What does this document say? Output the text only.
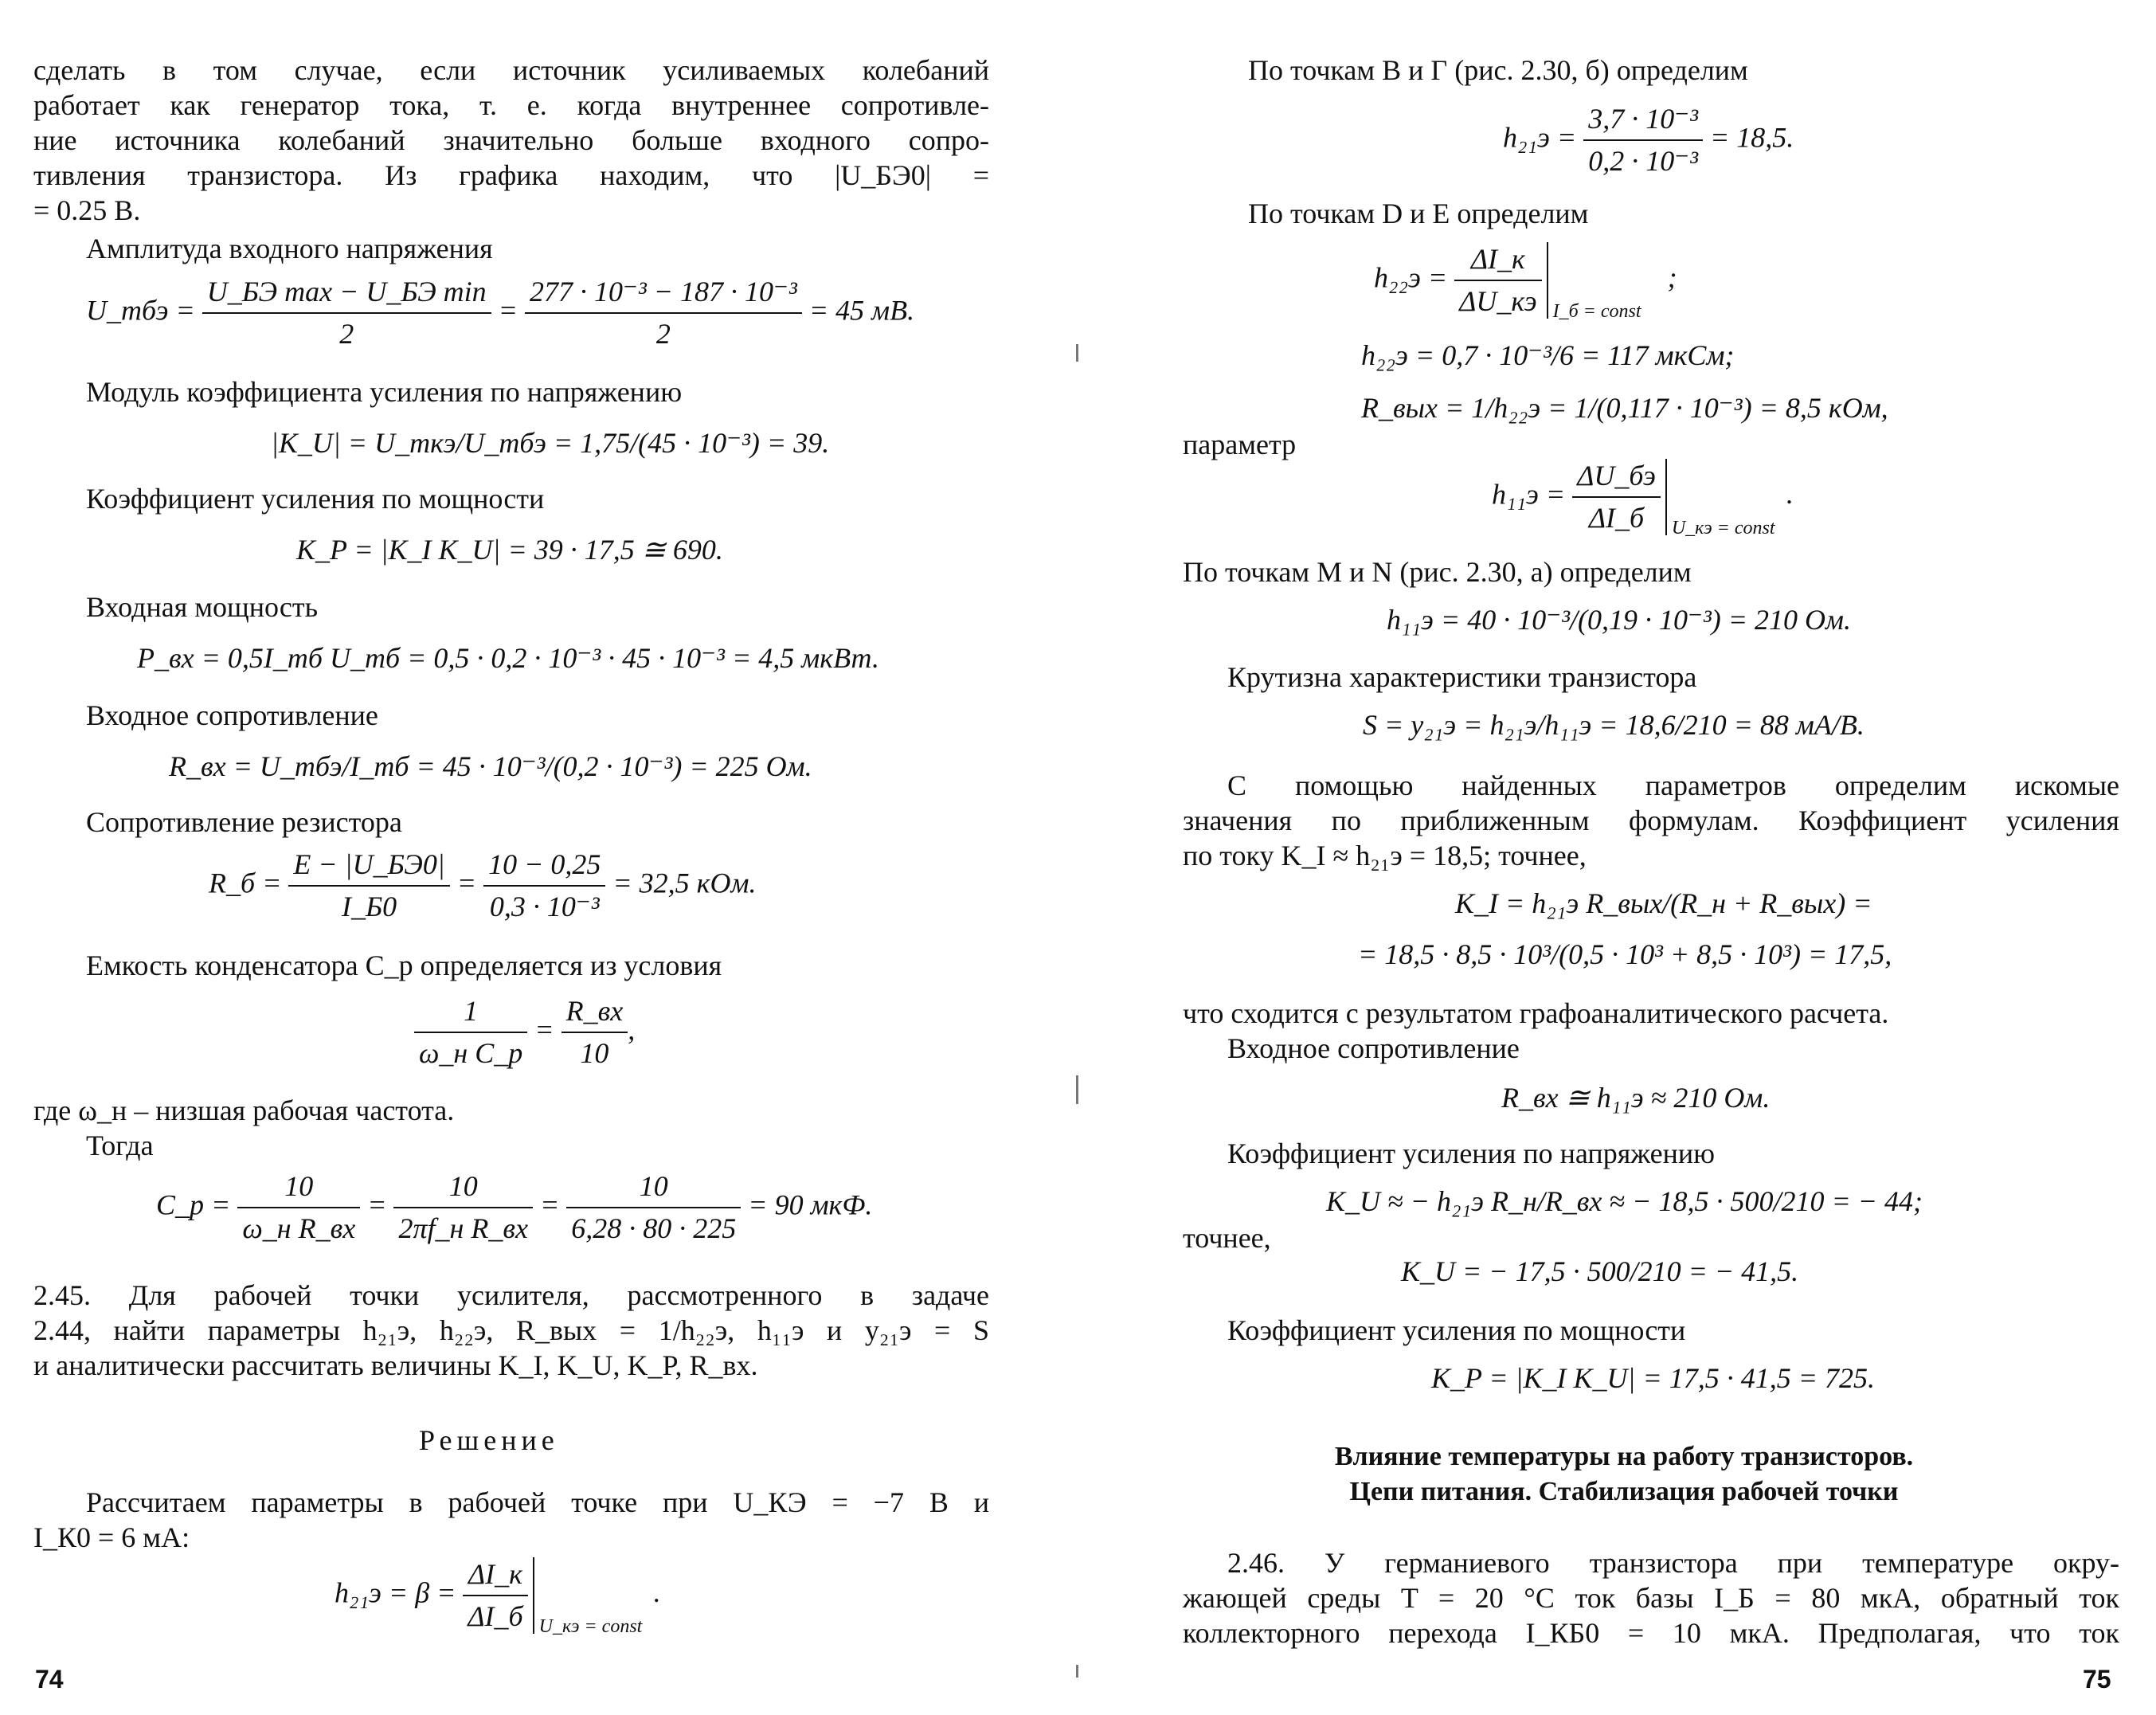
сделать в том случае, если источник усиливаемых колебаний
работает как генератор тока, т. е. когда внутреннее сопротивле-
ние источника колебаний значительно больше входного сопро-
тивления транзистора. Из графика находим, что |U_БЭ0| =
= 0.25 В.
Амплитуда входного напряжения
U_mбэ = $\frac{\text{U\_БЭ max − U\_БЭ min}}{2} = \frac{\text{277 · 10⁻³ − 187 · 10⁻³}}{2} = 45$ мВ.
Модуль коэффициента усиления по напряжению
|K_U| = U_mкэ/U_mбэ = 1,75/(45 · 10⁻³) = 39.
Коэффициент усиления по мощности
K_P = |K_I K_U| = 39 · 17,5 ≅ 690.
Входная мощность
P_вх = 0,5I_mб U_mб = 0,5 · 0,2 · 10⁻³ · 45 · 10⁻³ = 4,5 мкВт.
Входное сопротивление
R_вх = U_mбэ/I_mб = 45 · 10⁻³/(0,2 · 10⁻³) = 225 Ом.
Сопротивление резистора
R_б = $\frac{E - |U\_БЭ0|}{I\_Б0} = \frac{10 - 0,25}{\text{0,3 · 10⁻³}} = 32,5$ кОм.
Емкость конденсатора C_р определяется из условия
$\frac{1}{\text{ω\_н C\_р}} = \frac{R\_вх}{10}$ ,
где ω_н – низшая рабочая частота.
Тогда
C_р = $\frac{10}{\text{ω\_н R\_вх}} = \frac{10}{\text{2πf\_н R\_вх}} = \frac{10}{6,28 \cdot 80 \cdot 225} = 90$ мкФ.
2.45. Для рабочей точки усилителя, рассмотренного в задаче
2.44, найти параметры h₂₁э, h₂₂э, R_вых = 1/h₂₂э, h₁₁э и y₂₁э = S
и аналитически рассчитать величины K_I, K_U, K_P, R_вх.
Решение
Рассчитаем параметры в рабочей точке при U_КЭ = −7 В и
I_К0 = 6 мА:
$h_{21}э = \beta = \frac{\Delta I\_к}{\Delta I\_б}$ U_кэ = const
.
74
По точкам B и Г (рис. 2.30, б) определим
$h_{21}э = \frac{\text{3,7 · 10⁻³}}{\text{0,2 · 10⁻³}} = 18,5$.
По точкам D и E определим
$h_{22}э = \frac{\Delta I\_к}{\Delta U\_кэ}$ I_б = const
;
h₂₂э = 0,7 · 10⁻³/6 = 117 мкСм;
R_вых = 1/h₂₂э = 1/(0,117 · 10⁻³) = 8,5 кОм,
параметр
$h_{11}э = \frac{\Delta U\_бэ}{\Delta I\_б}$ U_кэ = const
.
По точкам M и N (рис. 2.30, а) определим
h₁₁э = 40 · 10⁻³/(0,19 · 10⁻³) = 210 Ом.
Крутизна характеристики транзистора
S = y₂₁э = h₂₁э/h₁₁э = 18,6/210 = 88 мА/В.
С помощью найденных параметров определим искомые
значения по приближенным формулам. Коэффициент усиления
по току K_I ≈ h₂₁э = 18,5; точнее,
K_I = h₂₁э R_вых/(R_н + R_вых) =
= 18,5 · 8,5 · 10³/(0,5 · 10³ + 8,5 · 10³) = 17,5,
что сходится с результатом графоаналитического расчета.
Входное сопротивление
R_вх ≅ h₁₁э ≈ 210 Ом.
Коэффициент усиления по напряжению
K_U ≈ − h₂₁э R_н/R_вх ≈ − 18,5 · 500/210 = − 44;
точнее,
K_U = − 17,5 · 500/210 = − 41,5.
Коэффициент усиления по мощности
K_P = |K_I K_U| = 17,5 · 41,5 = 725.
Влияние температуры на работу транзисторов.
Цепи питания. Стабилизация рабочей точки
2.46. У германиевого транзистора при температуре окру-
жающей среды T = 20 °C ток базы I_Б = 80 мкА, обратный ток
коллекторного перехода I_КБ0 = 10 мкА. Предполагая, что ток
75
